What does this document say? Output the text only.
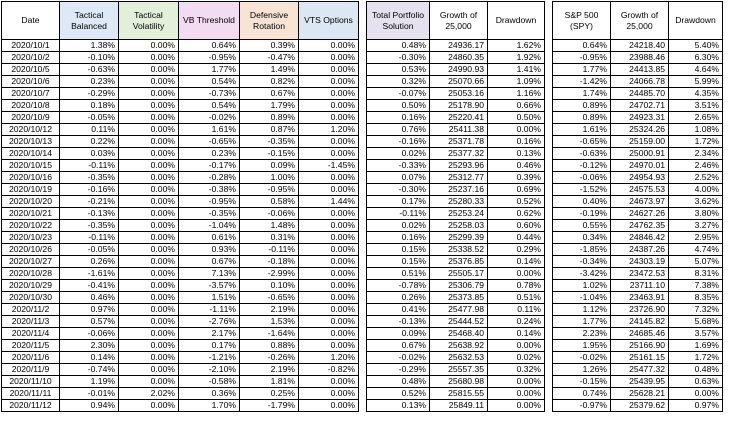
Date	Tactical Balanced	Tactical Volatility	VB Threshold	Defensive Rotation	VTS Options		Total Portfolio Solution	Growth of 25,000	Drawdown		S&P 500 (SPY)	Growth of 25,000	Drawdown
2020/10/1	1.38%	0.00%	0.64%	0.39%	0.00%		0.48%	24936.17	1.62%		0.64%	24218.40	5.40%
2020/10/2	-0.10%	0.00%	-0.95%	-0.47%	0.00%		-0.30%	24860.35	1.92%		-0.95%	23988.46	6.30%
2020/10/5	-0.63%	0.00%	1.77%	1.49%	0.00%		0.53%	24990.93	1.41%		1.77%	24413.85	4.64%
2020/10/6	0.23%	0.00%	0.54%	0.82%	0.00%		0.32%	25070.66	1.09%		-1.42%	24066.78	5.99%
2020/10/7	-0.29%	0.00%	-0.73%	0.67%	0.00%		-0.07%	25053.16	1.16%		1.74%	24485.70	4.35%
2020/10/8	0.18%	0.00%	0.54%	1.79%	0.00%		0.50%	25178.90	0.66%		0.89%	24702.71	3.51%
2020/10/9	-0.05%	0.00%	-0.02%	0.89%	0.00%		0.16%	25220.41	0.50%		0.89%	24923.31	2.65%
2020/10/12	0.11%	0.00%	1.61%	0.87%	1.20%		0.76%	25411.38	0.00%		1.61%	25324.26	1.08%
2020/10/13	0.22%	0.00%	-0.65%	-0.35%	0.00%		-0.16%	25371.78	0.16%		-0.65%	25159.00	1.72%
2020/10/14	0.03%	0.00%	0.23%	-0.15%	0.00%		0.02%	25377.32	0.13%		-0.63%	25000.91	2.34%
2020/10/15	-0.11%	0.00%	-0.17%	0.09%	-1.45%		-0.33%	25293.96	0.46%		-0.12%	24970.01	2.46%
2020/10/16	-0.35%	0.00%	-0.28%	1.00%	0.00%		0.07%	25312.77	0.39%		-0.06%	24954.93	2.52%
2020/10/19	-0.16%	0.00%	-0.38%	-0.95%	0.00%		-0.30%	25237.16	0.69%		-1.52%	24575.53	4.00%
2020/10/20	-0.21%	0.00%	-0.95%	0.58%	1.44%		0.17%	25280.33	0.52%		0.40%	24673.97	3.62%
2020/10/21	-0.13%	0.00%	-0.35%	-0.06%	0.00%		-0.11%	25253.24	0.62%		-0.19%	24627.26	3.80%
2020/10/22	-0.35%	0.00%	-1.04%	1.48%	0.00%		0.02%	25258.03	0.60%		0.55%	24762.35	3.27%
2020/10/23	-0.11%	0.00%	0.61%	0.31%	0.00%		0.16%	25299.39	0.44%		0.34%	24846.42	2.95%
2020/10/26	-0.05%	0.00%	0.93%	-0.11%	0.00%		0.15%	25338.52	0.29%		-1.85%	24387.26	4.74%
2020/10/27	0.26%	0.00%	0.67%	-0.18%	0.00%		0.15%	25376.85	0.14%		-0.34%	24303.19	5.07%
2020/10/28	-1.61%	0.00%	7.13%	-2.99%	0.00%		0.51%	25505.17	0.00%		-3.42%	23472.53	8.31%
2020/10/29	-0.41%	0.00%	-3.57%	0.10%	0.00%		-0.78%	25306.79	0.78%		1.02%	23711.10	7.38%
2020/10/30	0.46%	0.00%	1.51%	-0.65%	0.00%		0.26%	25373.85	0.51%		-1.04%	23463.91	8.35%
2020/11/2	0.97%	0.00%	-1.11%	2.19%	0.00%		0.41%	25477.98	0.11%		1.12%	23726.90	7.32%
2020/11/3	0.57%	0.00%	-2.76%	1.53%	0.00%		-0.13%	25444.52	0.24%		1.77%	24145.82	5.68%
2020/11/4	-0.06%	0.00%	2.17%	-1.64%	0.00%		0.09%	25468.40	0.14%		2.23%	24685.46	3.57%
2020/11/5	2.30%	0.00%	0.17%	0.88%	0.00%		0.67%	25638.92	0.00%		1.95%	25166.90	1.69%
2020/11/6	0.14%	0.00%	-1.21%	-0.26%	1.20%		-0.02%	25632.53	0.02%		-0.02%	25161.15	1.72%
2020/11/9	-0.74%	0.00%	-2.10%	2.19%	-0.82%		-0.29%	25557.35	0.32%		1.26%	25477.32	0.48%
2020/11/10	1.19%	0.00%	-0.58%	1.81%	0.00%		0.48%	25680.98	0.00%		-0.15%	25439.95	0.63%
2020/11/11	-0.01%	2.02%	0.36%	0.25%	0.00%		0.52%	25815.55	0.00%		0.74%	25628.21	0.00%
2020/11/12	0.94%	0.00%	1.70%	-1.79%	0.00%		0.13%	25849.11	0.00%		-0.97%	25379.62	0.97%
